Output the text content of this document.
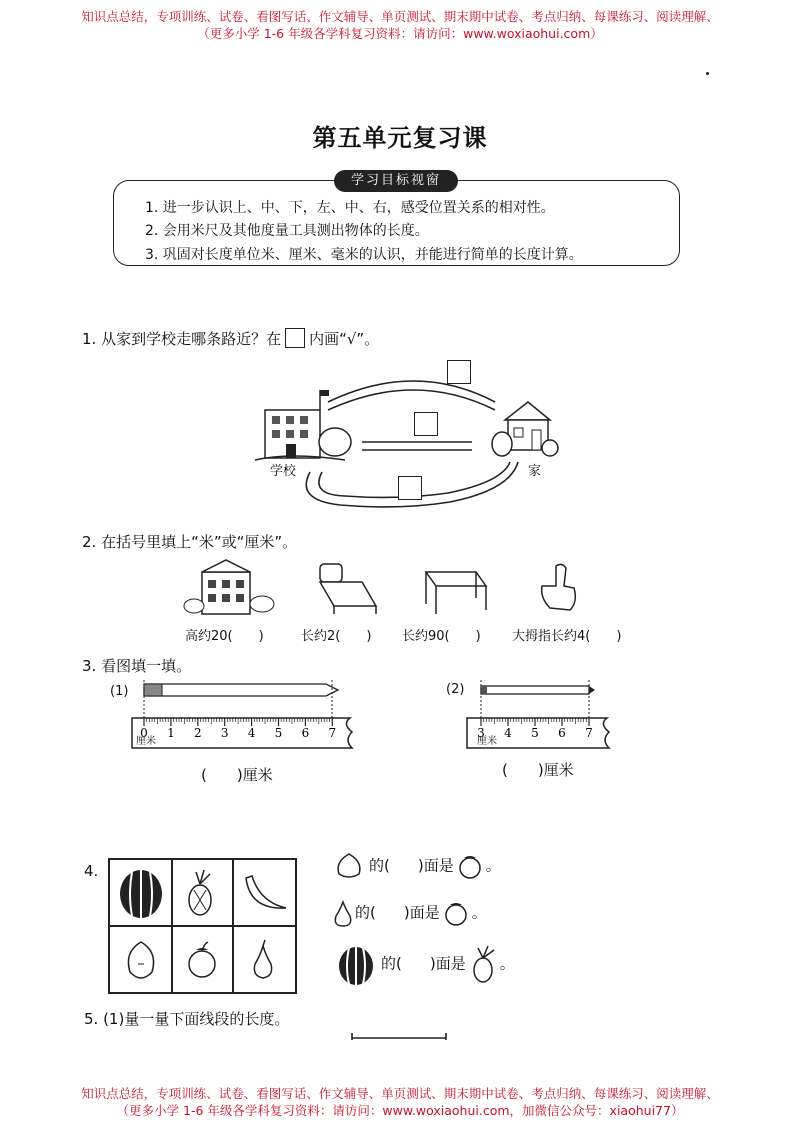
知识点总结，专项训练、试卷、看图写话、作文辅导、单页测试、期末期中试卷、考点归纳、每课练习、阅读理解、
（更多小学 1-6 年级各学科复习资料：请访问：www.woxiaohui.com）
第五单元复习课
学习目标视窗
1. 进一步认识上、中、下，左、中、右，感受位置关系的相对性。
2. 会用米尺及其他度量工具测出物体的长度。
3. 巩固对长度单位米、厘米、毫米的认识，并能进行简单的长度计算。
1. 从家到学校走哪条路近？在 内画“√”。
学校	家
2. 在括号里填上“米”或“厘米”。
高约20(　　)	长约2(　　) 长约90(　　) 大拇指长约4(　　)
3. 看图填一填。
(1)	(2)
0 1 2 3 4 5 6 7
厘米
3 4 5 6 7
厘米
(　　)厘米	(　　)厘米
4.	的( )面是 。
的( )面是 。
的( )面是 。
5. (1)量一量下面线段的长度。
知识点总结，专项训练、试卷、看图写话、作文辅导、单页测试、期末期中试卷、考点归纳、每课练习、阅读理解、
（更多小学 1-6 年级各学科复习资料：请访问：www.woxiaohui.com，加微信公众号：xiaohui77）
